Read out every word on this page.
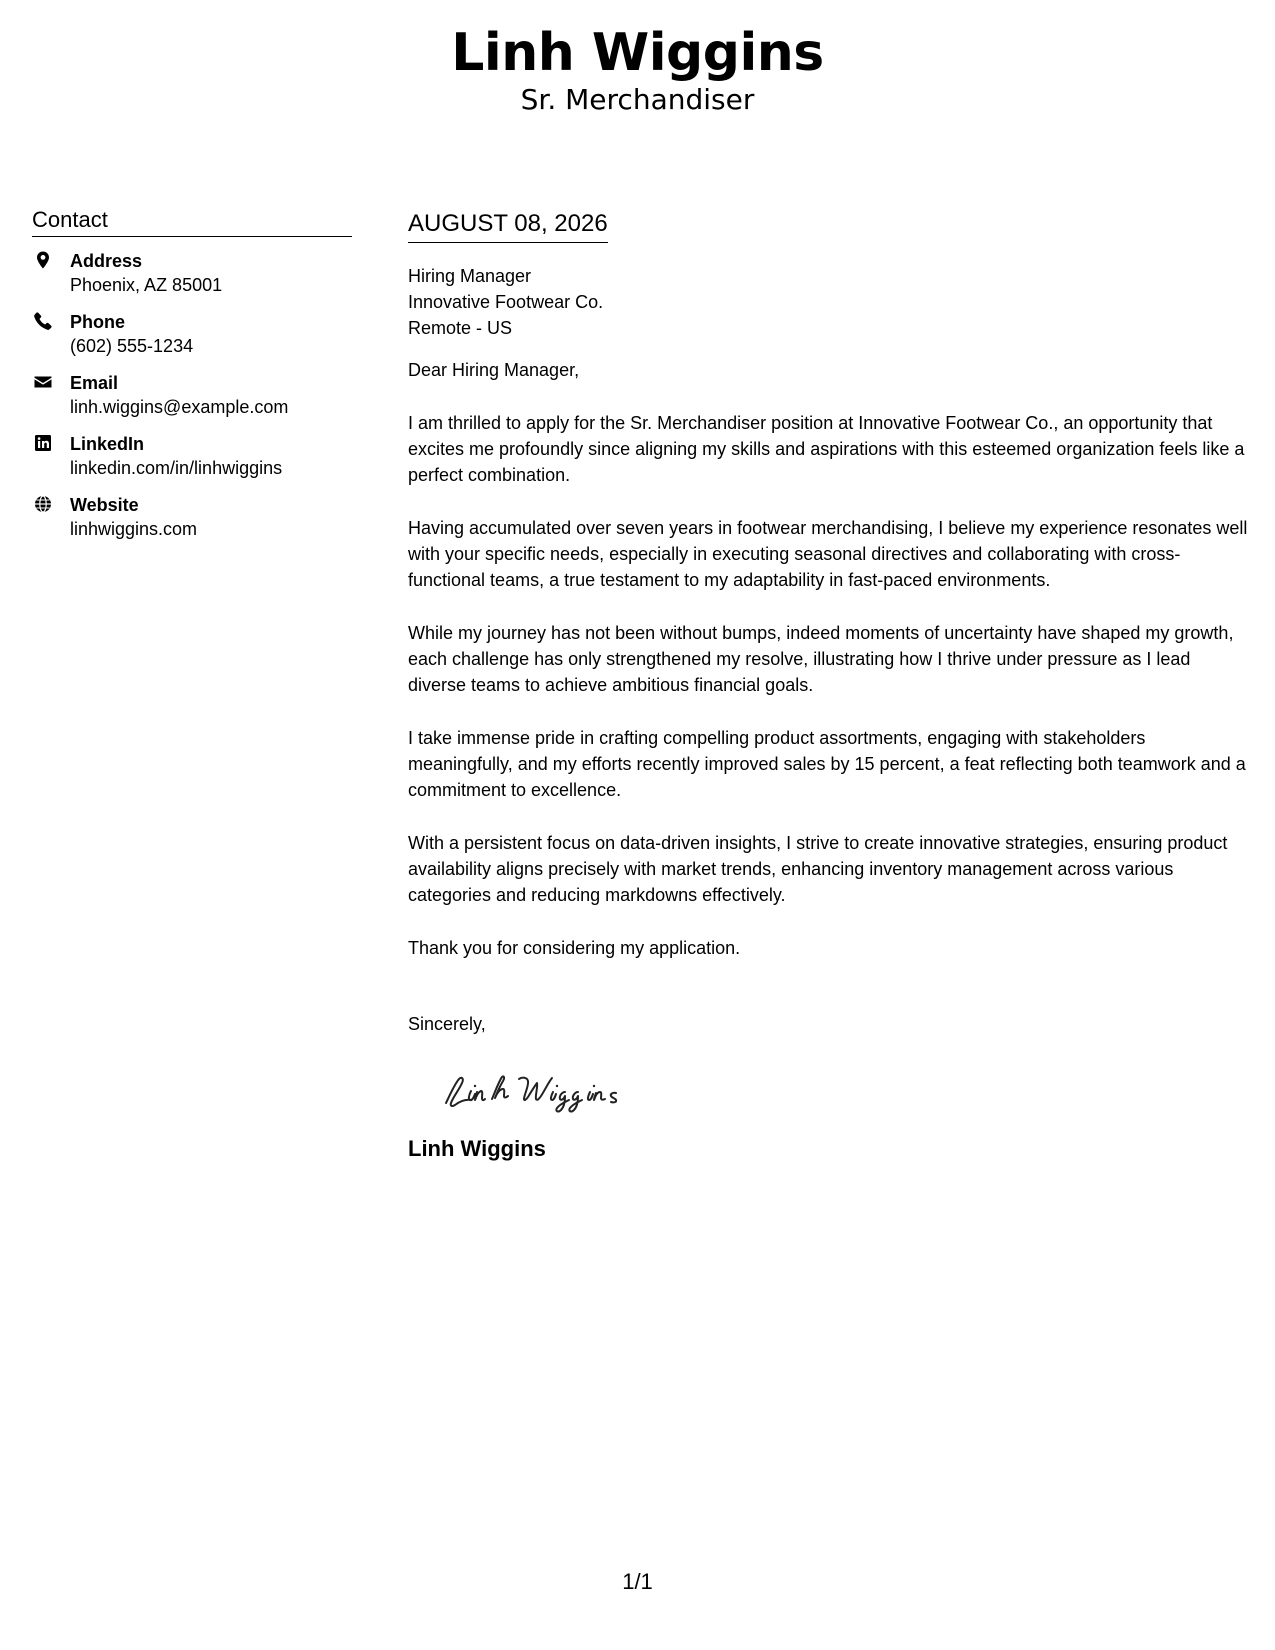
Linh Wiggins
Sr. Merchandiser
Contact
Address
Phoenix, AZ 85001
Phone
(602) 555-1234
Email
linh.wiggins@example.com
LinkedIn
linkedin.com/in/linhwiggins
Website
linhwiggins.com
AUGUST 08, 2026
Hiring Manager
Innovative Footwear Co.
Remote - US
Dear Hiring Manager,

I am thrilled to apply for the Sr. Merchandiser position at Innovative Footwear Co., an opportunity that excites me profoundly since aligning my skills and aspirations with this esteemed organization feels like a perfect combination.

Having accumulated over seven years in footwear merchandising, I believe my experience resonates well with your specific needs, especially in executing seasonal directives and collaborating with cross-functional teams, a true testament to my adaptability in fast-paced environments.

While my journey has not been without bumps, indeed moments of uncertainty have shaped my growth, each challenge has only strengthened my resolve, illustrating how I thrive under pressure as I lead diverse teams to achieve ambitious financial goals.

I take immense pride in crafting compelling product assortments, engaging with stakeholders meaningfully, and my efforts recently improved sales by 15 percent, a feat reflecting both teamwork and a commitment to excellence.

With a persistent focus on data-driven insights, I strive to create innovative strategies, ensuring product availability aligns precisely with market trends, enhancing inventory management across various categories and reducing markdowns effectively.

Thank you for considering my application.

Sincerely,
Linh Wiggins
1/1
